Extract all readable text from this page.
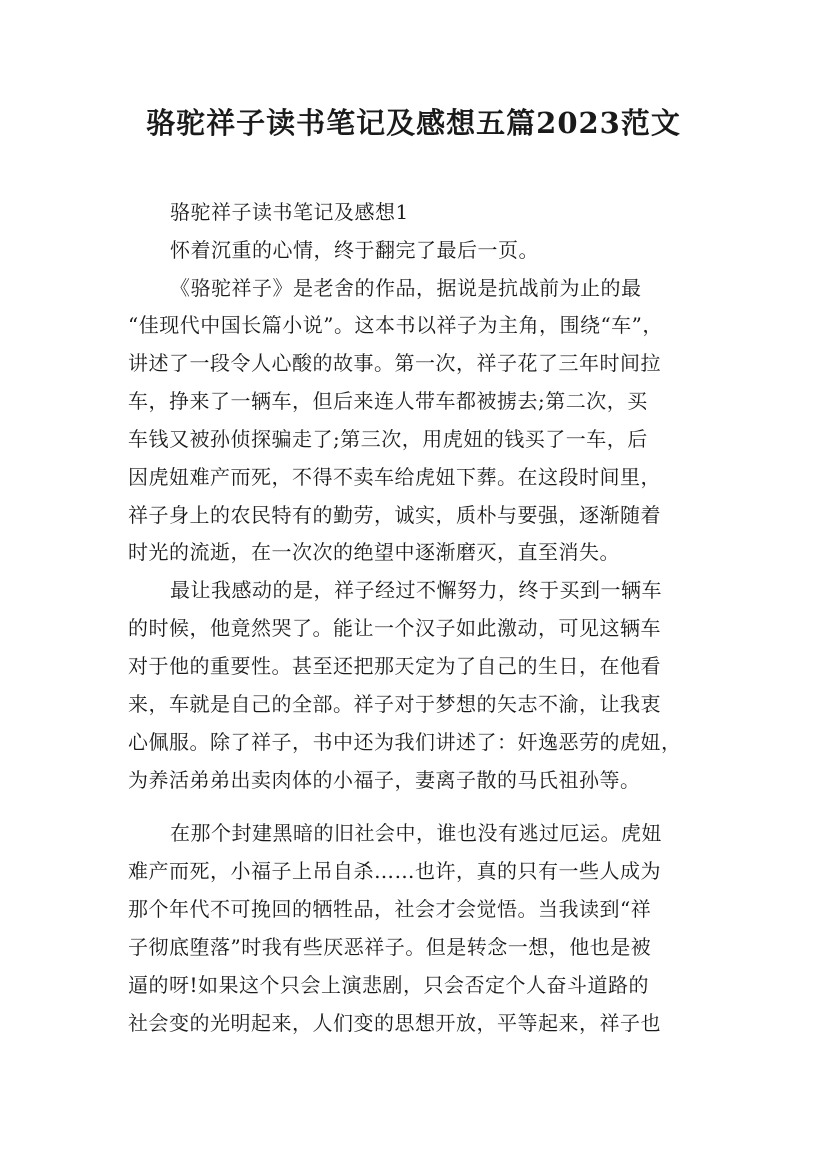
骆驼祥子读书笔记及感想五篇2023范文
骆驼祥子读书笔记及感想1
怀着沉重的心情，终于翻完了最后一页。
《骆驼祥子》是老舍的作品，据说是抗战前为止的最
“佳现代中国长篇小说”。这本书以祥子为主角，围绕“车”，
讲述了一段令人心酸的故事。第一次，祥子花了三年时间拉
车，挣来了一辆车，但后来连人带车都被掳去;第二次，买
车钱又被孙侦探骗走了;第三次，用虎妞的钱买了一车，后
因虎妞难产而死，不得不卖车给虎妞下葬。在这段时间里，
祥子身上的农民特有的勤劳，诚实，质朴与要强，逐渐随着
时光的流逝，在一次次的绝望中逐渐磨灭，直至消失。
最让我感动的是，祥子经过不懈努力，终于买到一辆车
的时候，他竟然哭了。能让一个汉子如此激动，可见这辆车
对于他的重要性。甚至还把那天定为了自己的生日，在他看
来，车就是自己的全部。祥子对于梦想的矢志不渝，让我衷
心佩服。除了祥子，书中还为我们讲述了：奸逸恶劳的虎妞，
为养活弟弟出卖肉体的小福子，妻离子散的马氏祖孙等。
在那个封建黑暗的旧社会中，谁也没有逃过厄运。虎妞
难产而死，小福子上吊自杀……也许，真的只有一些人成为
那个年代不可挽回的牺牲品，社会才会觉悟。当我读到“祥
子彻底堕落”时我有些厌恶祥子。但是转念一想，他也是被
逼的呀!如果这个只会上演悲剧，只会否定个人奋斗道路的
社会变的光明起来，人们变的思想开放，平等起来，祥子也
